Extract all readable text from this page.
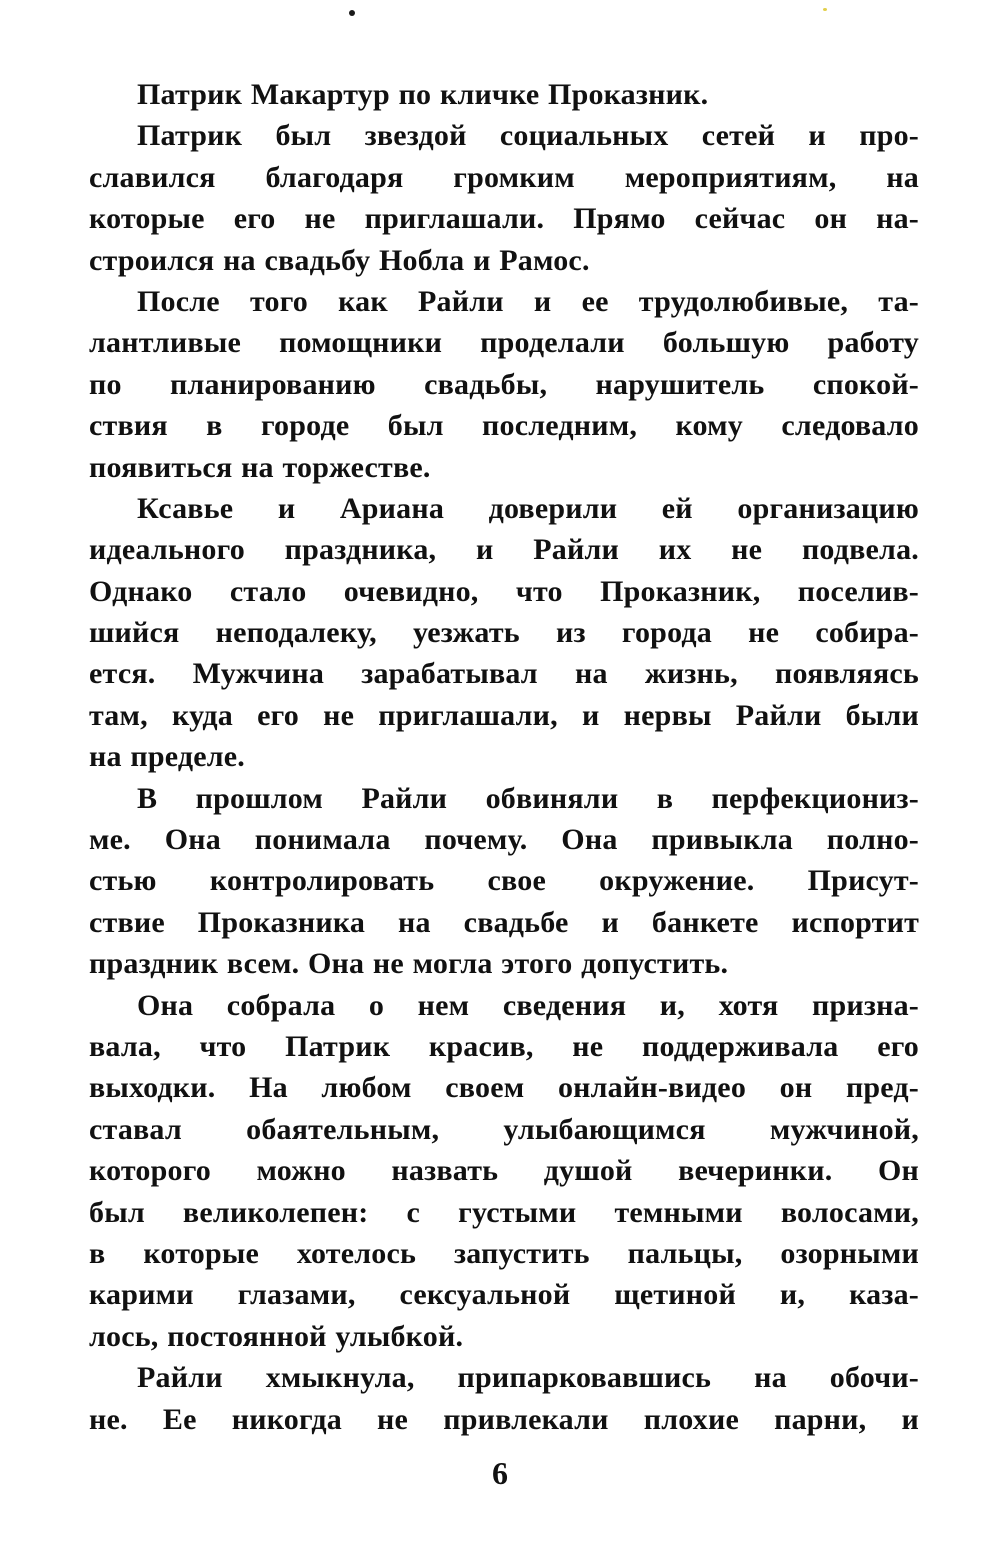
Патрик Макартур по кличке Проказник.

Патрик был звездой социальных сетей и про-
славился благодаря громким мероприятиям, на
которые его не приглашали. Прямо сейчас он на-
строился на свадьбу Нобла и Рамос.

После того как Райли и ее трудолюбивые, та-
лантливые помощники проделали большую работу
по планированию свадьбы, нарушитель спокой-
ствия в городе был последним, кому следовало
появиться на торжестве.

Ксавье и Ариана доверили ей организацию
идеального праздника, и Райли их не подвела.
Однако стало очевидно, что Проказник, поселив-
шийся неподалеку, уезжать из города не собира-
ется. Мужчина зарабатывал на жизнь, появляясь
там, куда его не приглашали, и нервы Райли были
на пределе.

В прошлом Райли обвиняли в перфекциониз-
ме. Она понимала почему. Она привыкла полно-
стью контролировать свое окружение. Присут-
ствие Проказника на свадьбе и банкете испортит
праздник всем. Она не могла этого допустить.

Она собрала о нем сведения и, хотя призна-
вала, что Патрик красив, не поддерживала его
выходки. На любом своем онлайн-видео он пред-
ставал обаятельным, улыбающимся мужчиной,
которого можно назвать душой вечеринки. Он
был великолепен: с густыми темными волосами,
в которые хотелось запустить пальцы, озорными
карими глазами, сексуальной щетиной и, каза-
лось, постоянной улыбкой.

Райли хмыкнула, припарковавшись на обочи-
не. Ее никогда не привлекали плохие парни, и

6
